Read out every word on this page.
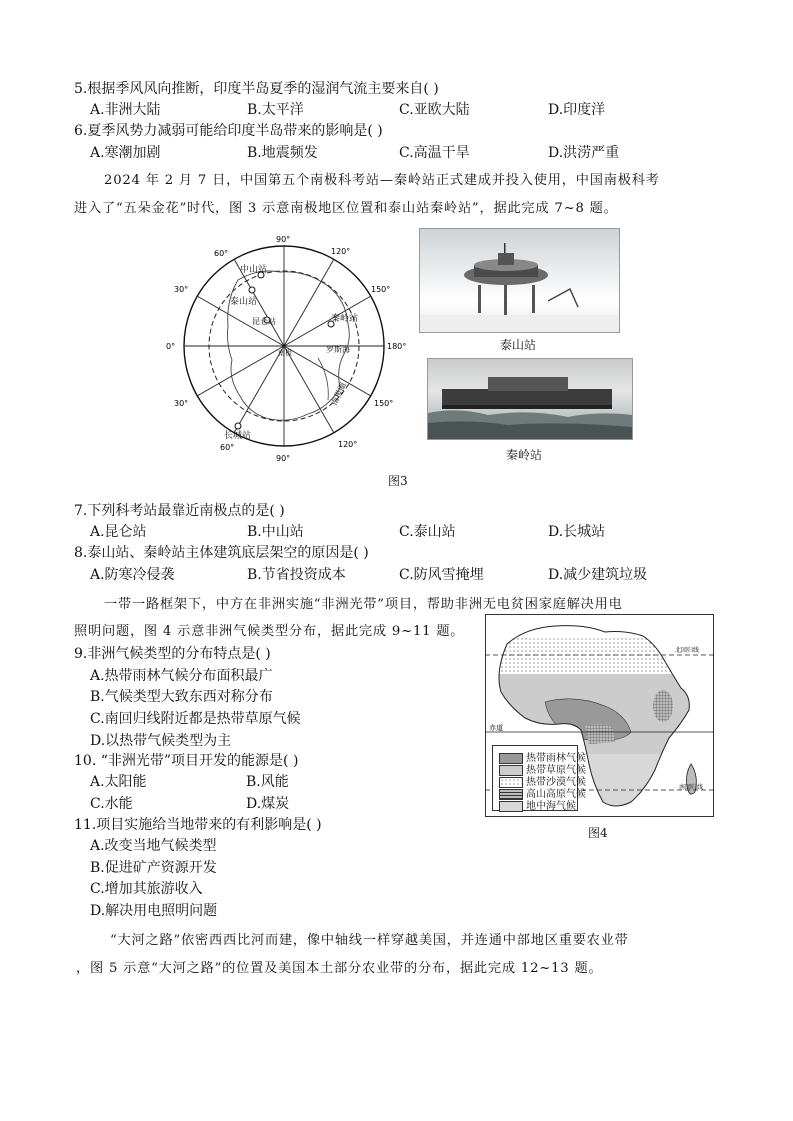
5.根据季风风向推断，印度半岛夏季的湿润气流主要来自( )
A.非洲大陆	B.太平洋	C.亚欧大陆	D.印度洋
6.夏季风势力减弱可能给印度半岛带来的影响是( )
A.寒潮加剧	B.地震频发	C.高温干旱	D.洪涝严重
2024 年 2 月 7 日，中国第五个南极科考站—秦岭站正式建成并投入使用，中国南极科考
进入了“五朵金花”时代，图 3 示意南极地区位置和泰山站秦岭站”，据此完成 7~8 题。
中山站
泰山站
昆仑站	秦岭站
长城站
南极	罗斯海
南极圈
90°
60°	120°
30°	150°
0°	180°
30°	150°
60°	120°
90°
泰山站
秦岭站
图3
7.下列科考站最靠近南极点的是( )
A.昆仑站	B.中山站	C.泰山站	D.长城站
8.泰山站、秦岭站主体建筑底层架空的原因是( )
A.防寒冷侵袭	B.节省投资成本	C.防风雪掩埋	D.减少建筑垃圾
一带一路框架下，中方在非洲实施“非洲光带”项目，帮助非洲无电贫困家庭解决用电
照明问题，图 4 示意非洲气候类型分布，据此完成 9~11 题。
9.非洲气候类型的分布特点是( )
A.热带雨林气候分布面积最广
B.气候类型大致东西对称分布
C.南回归线附近都是热带草原气候
D.以热带气候类型为主
10. “非洲光带”项目开发的能源是( )
A.太阳能	B.风能
C.水能	D.煤炭
11.项目实施给当地带来的有利影响是( )
A.改变当地气候类型
B.促进矿产资源开发
C.增加其旅游收入
D.解决用电照明问题
北回归线
赤道
南回归线
热带雨林气候
热带草原气候
热带沙漠气候
高山高原气候
地中海气候
图4
“大河之路”依密西西比河而建，像中轴线一样穿越美国，并连通中部地区重要农业带
，图 5 示意“大河之路”的位置及美国本土部分农业带的分布，据此完成 12~13 题。
